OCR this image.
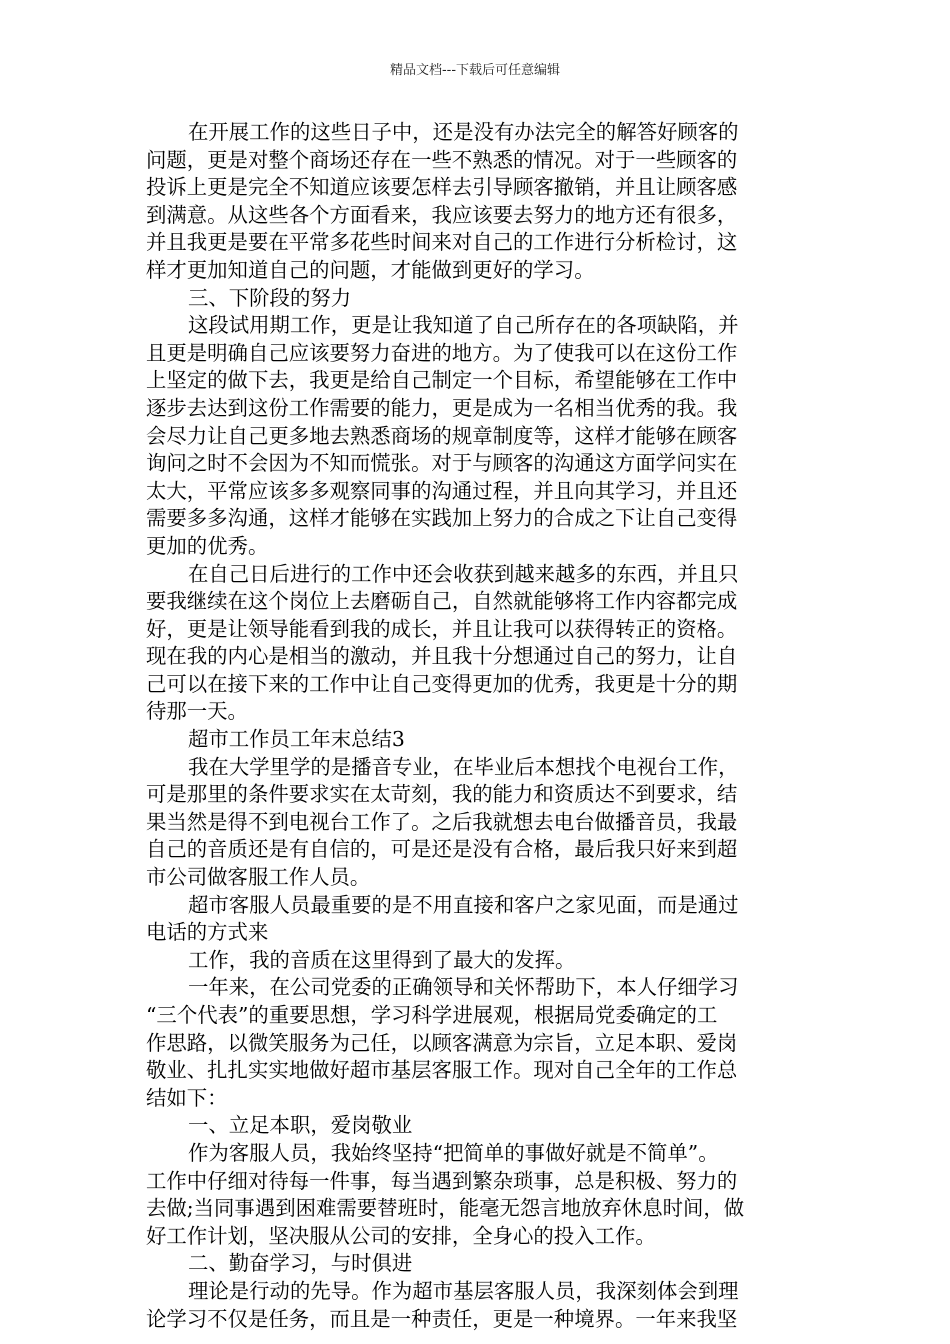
精品文档---下载后可任意编辑
在开展工作的这些日子中，还是没有办法完全的解答好顾客的
问题，更是对整个商场还存在一些不熟悉的情况。对于一些顾客的
投诉上更是完全不知道应该要怎样去引导顾客撤销，并且让顾客感
到满意。从这些各个方面看来，我应该要去努力的地方还有很多，
并且我更是要在平常多花些时间来对自己的工作进行分析检讨，这
样才更加知道自己的问题，才能做到更好的学习。
三、下阶段的努力
这段试用期工作，更是让我知道了自己所存在的各项缺陷，并
且更是明确自己应该要努力奋进的地方。为了使我可以在这份工作
上坚定的做下去，我更是给自己制定一个目标，希望能够在工作中
逐步去达到这份工作需要的能力，更是成为一名相当优秀的我。我
会尽力让自己更多地去熟悉商场的规章制度等，这样才能够在顾客
询问之时不会因为不知而慌张。对于与顾客的沟通这方面学问实在
太大，平常应该多多观察同事的沟通过程，并且向其学习，并且还
需要多多沟通，这样才能够在实践加上努力的合成之下让自己变得
更加的优秀。
在自己日后进行的工作中还会收获到越来越多的东西，并且只
要我继续在这个岗位上去磨砺自己，自然就能够将工作内容都完成
好，更是让领导能看到我的成长，并且让我可以获得转正的资格。
现在我的内心是相当的激动，并且我十分想通过自己的努力，让自
己可以在接下来的工作中让自己变得更加的优秀，我更是十分的期
待那一天。
超市工作员工年末总结3
我在大学里学的是播音专业，在毕业后本想找个电视台工作，
可是那里的条件要求实在太苛刻，我的能力和资质达不到要求，结
果当然是得不到电视台工作了。之后我就想去电台做播音员，我最
自己的音质还是有自信的，可是还是没有合格，最后我只好来到超
市公司做客服工作人员。
超市客服人员最重要的是不用直接和客户之家见面，而是通过
电话的方式来
工作，我的音质在这里得到了最大的发挥。
一年来，在公司党委的正确领导和关怀帮助下，本人仔细学习
“三个代表”的重要思想，学习科学进展观，根据局党委确定的工
作思路，以微笑服务为己任，以顾客满意为宗旨，立足本职、爱岗
敬业、扎扎实实地做好超市基层客服工作。现对自己全年的工作总
结如下：
一、立足本职，爱岗敬业
作为客服人员，我始终坚持“把简单的事做好就是不简单”。
工作中仔细对待每一件事，每当遇到繁杂琐事，总是积极、努力的
去做;当同事遇到困难需要替班时，能毫无怨言地放弃休息时间，做
好工作计划，坚决服从公司的安排，全身心的投入工作。
二、勤奋学习，与时俱进
理论是行动的先导。作为超市基层客服人员，我深刻体会到理
论学习不仅是任务，而且是一种责任，更是一种境界。一年来我坚
